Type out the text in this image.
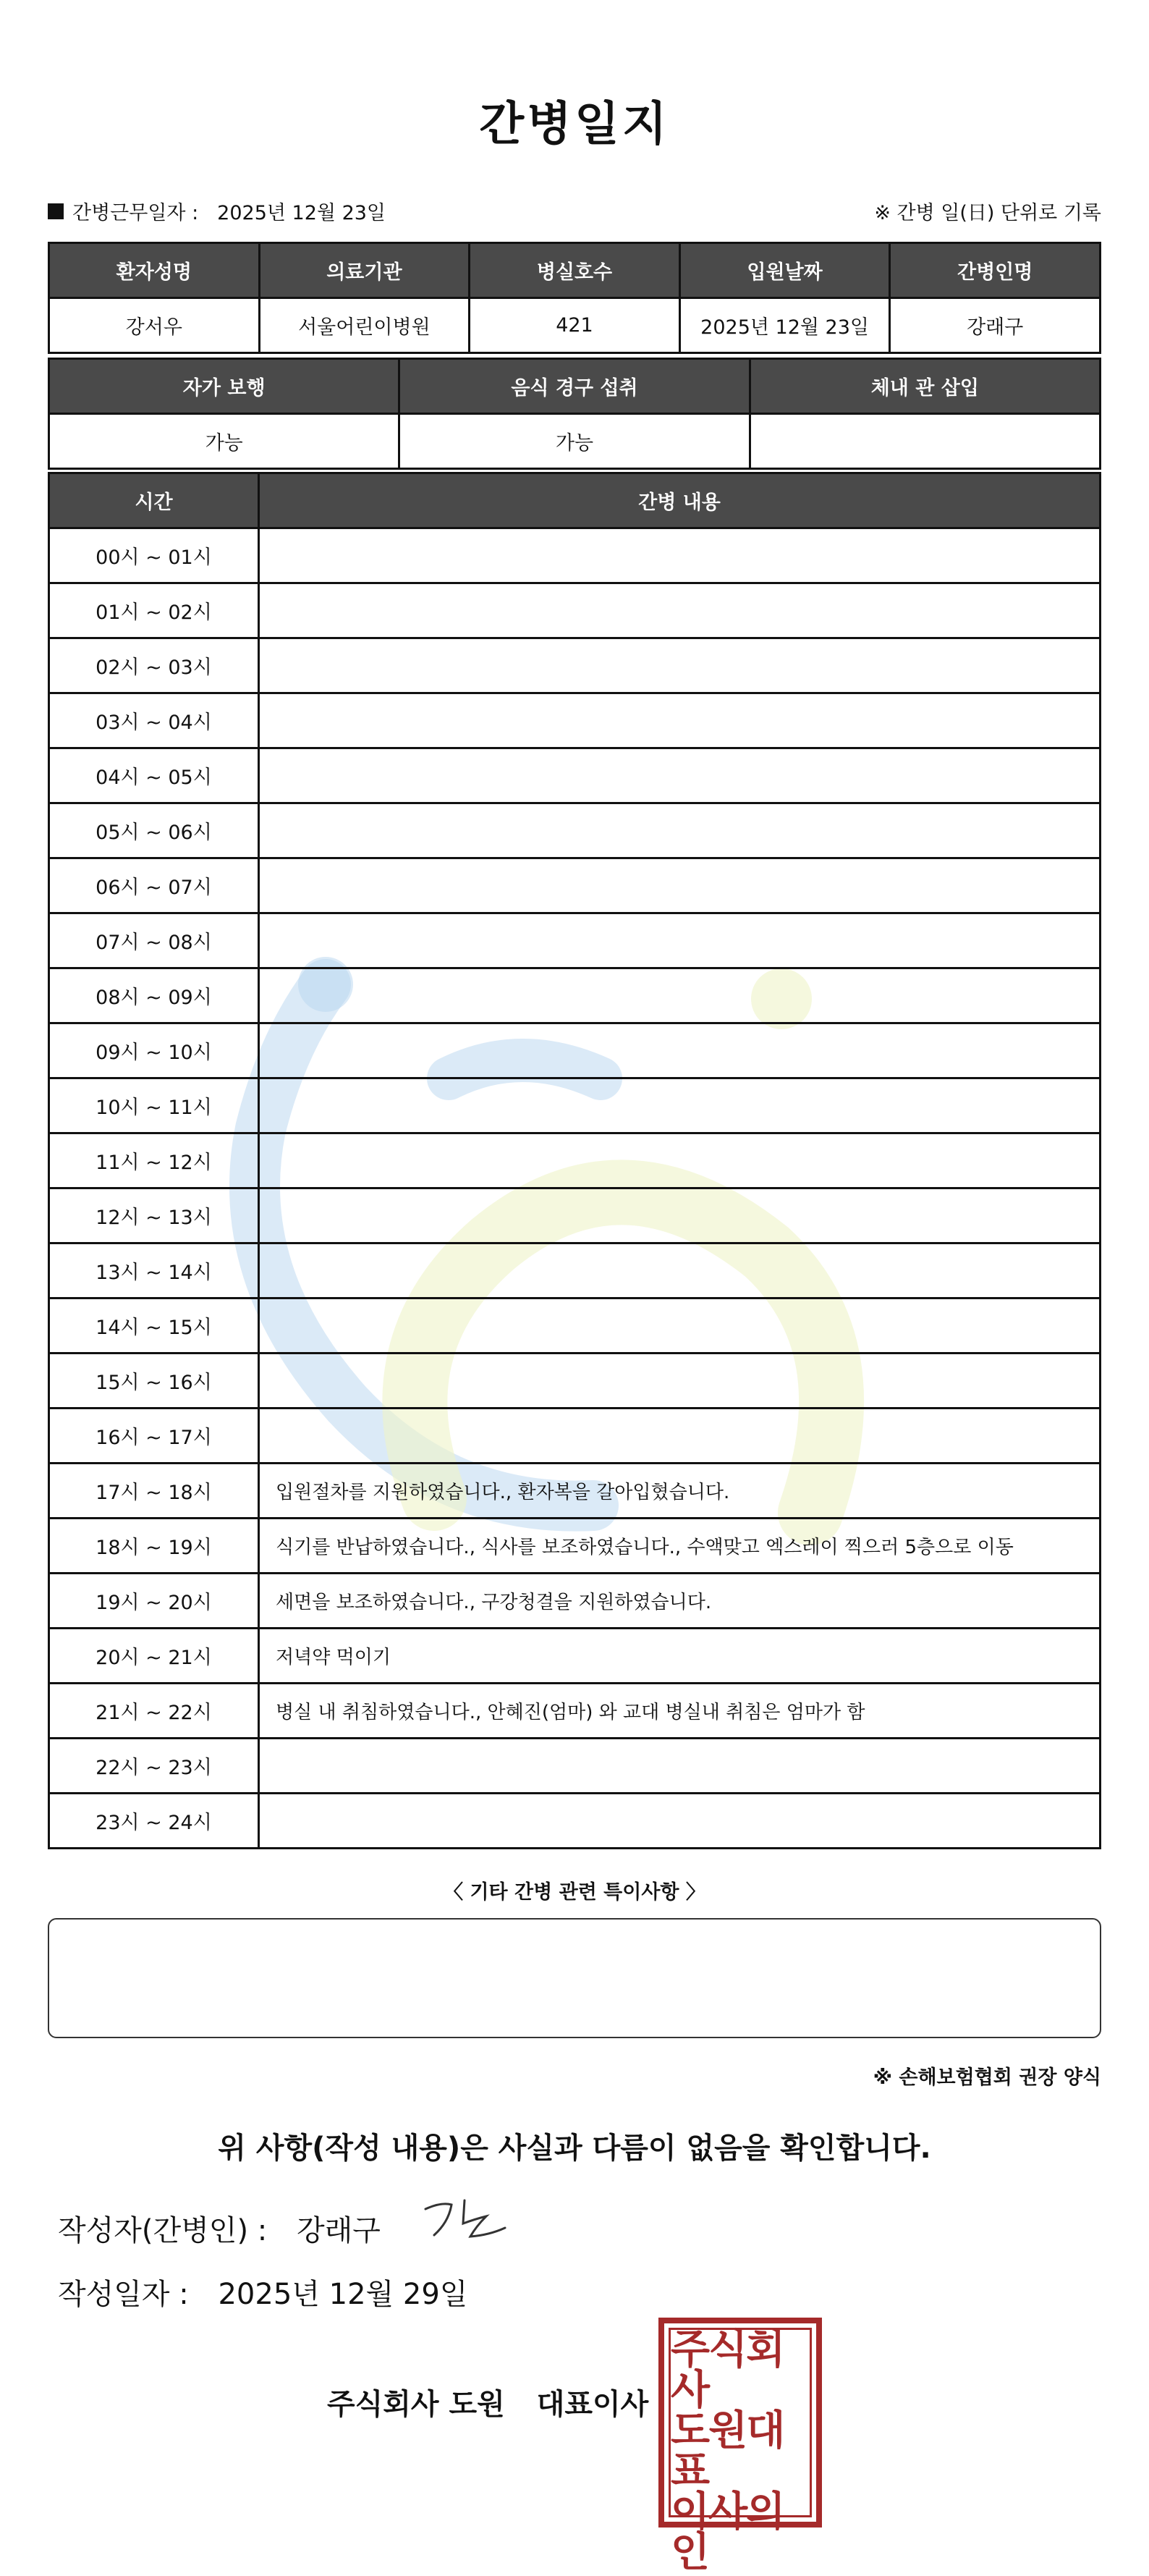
간병일지
간병근무일자 : 2025년 12월 23일	※ 간병 일(日) 단위로 기록
환자성명	의료기관	병실호수	입원날짜	간병인명
강서우	서울어린이병원	421	2025년 12월 23일	강래구
자가 보행	음식 경구 섭취	체내 관 삽입
가능	가능	
시간	간병 내용
00시 ~ 01시	
01시 ~ 02시	
02시 ~ 03시	
03시 ~ 04시	
04시 ~ 05시	
05시 ~ 06시	
06시 ~ 07시	
07시 ~ 08시	
08시 ~ 09시	
09시 ~ 10시	
10시 ~ 11시	
11시 ~ 12시	
12시 ~ 13시	
13시 ~ 14시	
14시 ~ 15시	
15시 ~ 16시	
16시 ~ 17시	
17시 ~ 18시	입원절차를 지원하였습니다., 환자복을 갈아입혔습니다.
18시 ~ 19시	식기를 반납하였습니다., 식사를 보조하였습니다., 수액맞고 엑스레이 찍으러 5층으로 이동
19시 ~ 20시	세면을 보조하였습니다., 구강청결을 지원하였습니다.
20시 ~ 21시	저녁약 먹이기
21시 ~ 22시	병실 내 취침하였습니다., 안혜진(엄마) 와 교대 병실내 취침은 엄마가 함
22시 ~ 23시	
23시 ~ 24시	
〈 기타 간병 관련 특이사항 〉
※ 손해보험협회 권장 양식
위 사항(작성 내용)은 사실과 다름이 없음을 확인합니다.
작성자(간병인) : 강래구
작성일자 : 2025년 12월 29일
주식회사 도원 대표이사
주식회사
도원대표
이사의인
